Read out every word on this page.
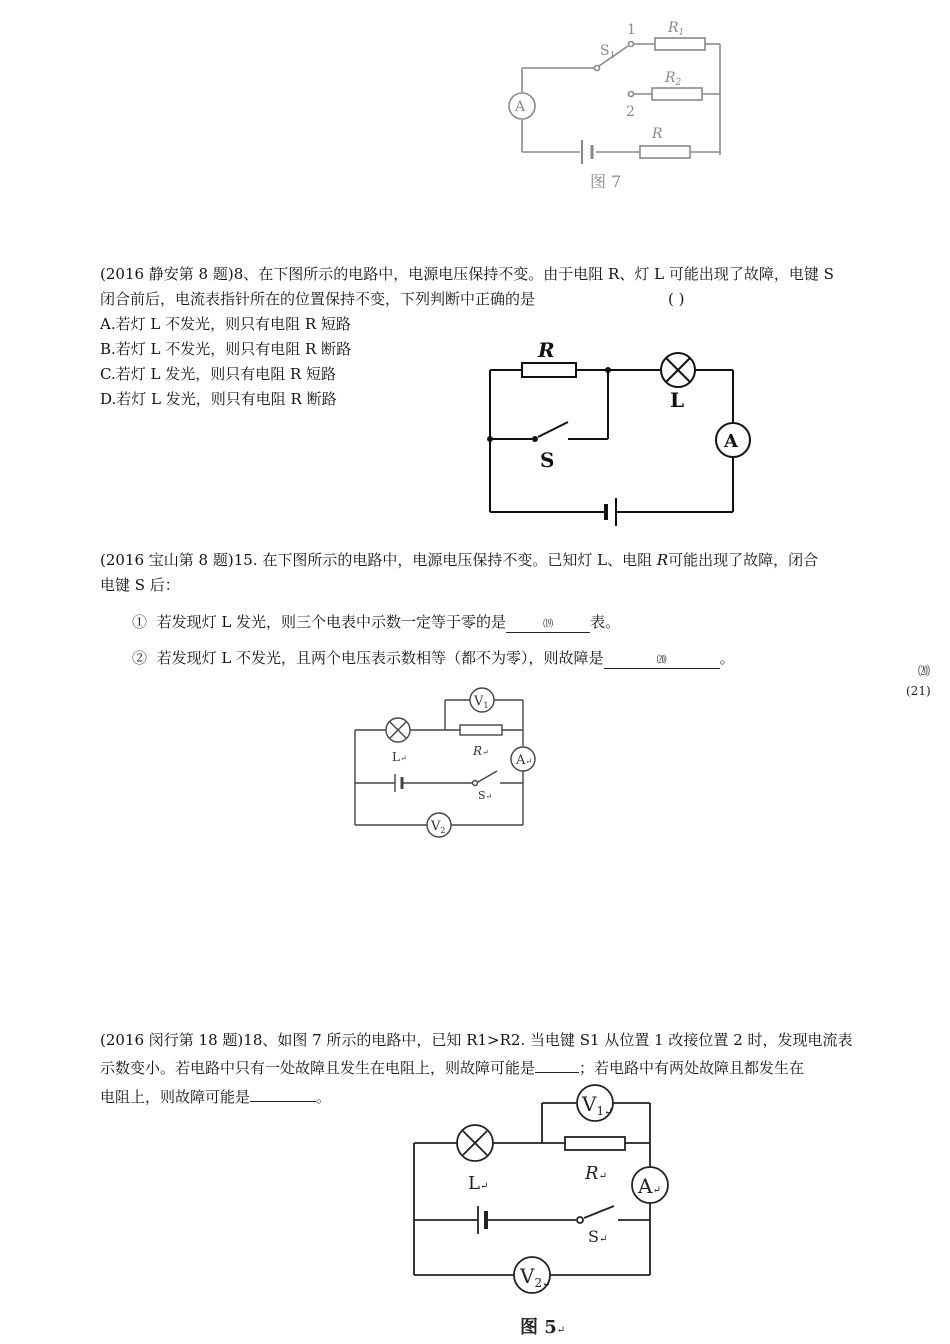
A
$S_1$
1
2
$R_1$
$R_2$
R
图 7
(2016 静安第 8 题)8、在下图所示的电路中，电源电压保持不变。由于电阻 R、灯 L 可能出现了故障，电键 S
闭合前后，电流表指针所在的位置保持不变，下列判断中正确的是	( )
A.若灯 L 不发光，则只有电阻 R 短路
B.若灯 L 不发光，则只有电阻 R 断路
C.若灯 L 发光，则只有电阻 R 短路
D.若灯 L 发光，则只有电阻 R 断路
R
L
A
S
(2016 宝山第 8 题)15. 在下图所示的电路中，电源电压保持不变。已知灯 L、电阻 R可能出现了故障，闭合
电键 S 后：
① 若发现灯 L 发光，则三个电表中示数一定等于零的是	⒆ 表。
② 若发现灯 L 不发光，且两个电压表示数相等（都不为零），则故障是	⒇	。
⒇
(21)
$V_1$
R↵
A↵
L↵
S↵
$V_2$
(2016 闵行第 18 题)18、如图 7 所示的电路中，已知 R1>R2. 当电键 S1 从位置 1 改接位置 2 时，发现电流表
示数变小。若电路中只有一处故障且发生在电阻上，则故障可能是	；若电路中有两处故障且都发生在
电阻上，则故障可能是	。	$V_1↵$
R↵ A↵
L↵
S↵
$V_2↵$
图 5↵
